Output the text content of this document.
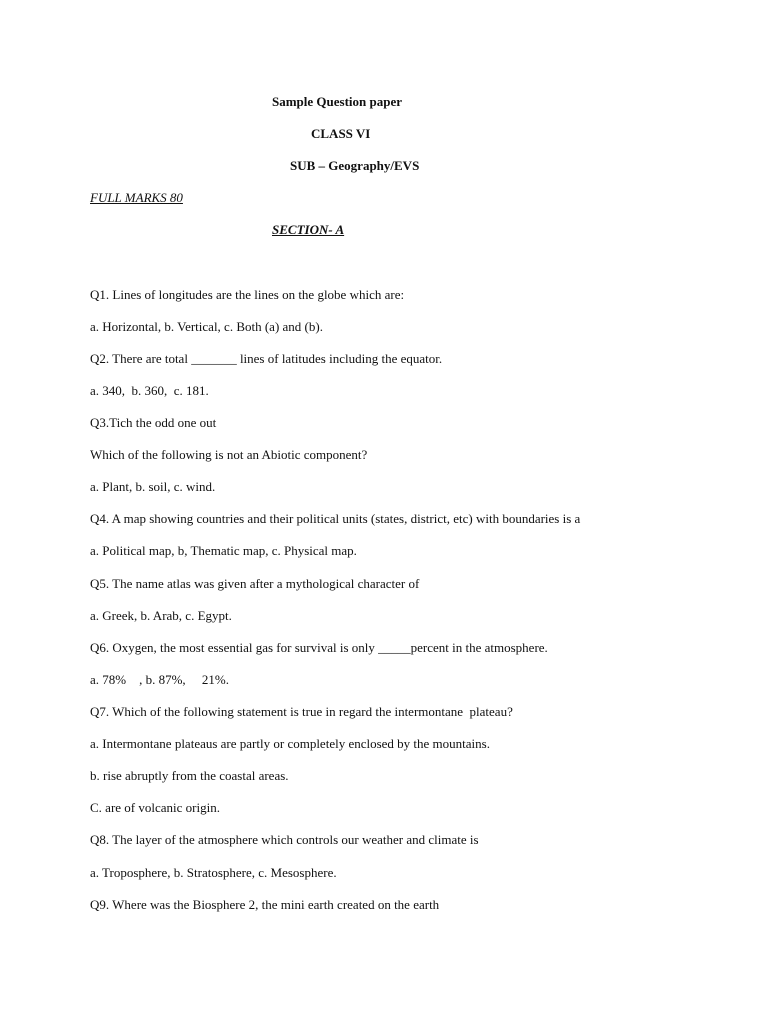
Sample Question paper
CLASS VI
SUB – Geography/EVS
FULL MARKS 80
SECTION- A
Q1. Lines of longitudes are the lines on the globe which are:
a. Horizontal, b. Vertical, c. Both (a) and (b).
Q2. There are total _______ lines of latitudes including the equator.
a. 340,  b. 360,  c. 181.
Q3.Tich the odd one out
Which of the following is not an Abiotic component?
a. Plant, b. soil, c. wind.
Q4. A map showing countries and their political units (states, district, etc) with boundaries is a
a. Political map, b, Thematic map, c. Physical map.
Q5. The name atlas was given after a mythological character of
a. Greek, b. Arab, c. Egypt.
Q6. Oxygen, the most essential gas for survival is only _____percent in the atmosphere.
a. 78%    , b. 87%,     21%.
Q7. Which of the following statement is true in regard the intermontane  plateau?
a. Intermontane plateaus are partly or completely enclosed by the mountains.
b. rise abruptly from the coastal areas.
C. are of volcanic origin.
Q8. The layer of the atmosphere which controls our weather and climate is
a. Troposphere, b. Stratosphere, c. Mesosphere.
Q9. Where was the Biosphere 2, the mini earth created on the earth
